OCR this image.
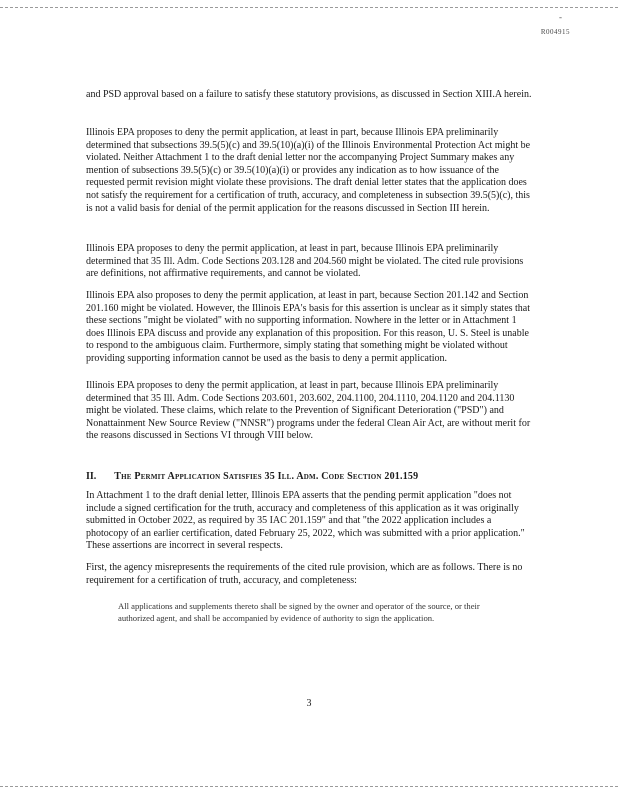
-
R004915

and PSD approval based on a failure to satisfy these statutory provisions, as discussed in Section XIII.A herein.

Illinois EPA proposes to deny the permit application, at least in part, because Illinois EPA preliminarily determined that subsections 39.5(5)(c) and 39.5(10)(a)(i) of the Illinois Environmental Protection Act might be violated. Neither Attachment 1 to the draft denial letter nor the accompanying Project Summary makes any mention of subsections 39.5(5)(c) or 39.5(10)(a)(i) or provides any indication as to how issuance of the requested permit revision might violate these provisions. The draft denial letter states that the application does not satisfy the requirement for a certification of truth, accuracy, and completeness in subsection 39.5(5)(c), this is not a valid basis for denial of the permit application for the reasons discussed in Section III herein.

Illinois EPA proposes to deny the permit application, at least in part, because Illinois EPA preliminarily determined that 35 Ill. Adm. Code Sections 203.128 and 204.560 might be violated. The cited rule provisions are definitions, not affirmative requirements, and cannot be violated.

Illinois EPA also proposes to deny the permit application, at least in part, because Section 201.142 and Section 201.160 might be violated. However, the Illinois EPA's basis for this assertion is unclear as it simply states that these sections "might be violated" with no supporting information. Nowhere in the letter or in Attachment 1 does Illinois EPA discuss and provide any explanation of this proposition. For this reason, U. S. Steel is unable to respond to the ambiguous claim. Furthermore, simply stating that something might be violated without providing supporting information cannot be used as the basis to deny a permit application.

Illinois EPA proposes to deny the permit application, at least in part, because Illinois EPA preliminarily determined that 35 Ill. Adm. Code Sections 203.601, 203.602, 204.1100, 204.1110, 204.1120 and 204.1130 might be violated. These claims, which relate to the Prevention of Significant Deterioration ("PSD") and Nonattainment New Source Review ("NNSR") programs under the federal Clean Air Act, are without merit for the reasons discussed in Sections VI through VIII below.

II. The Permit Application Satisfies 35 Ill. Adm. Code Section 201.159

In Attachment 1 to the draft denial letter, Illinois EPA asserts that the pending permit application "does not include a signed certification for the truth, accuracy and completeness of this application as it was originally submitted in October 2022, as required by 35 IAC 201.159" and that "the 2022 application includes a photocopy of an earlier certification, dated February 25, 2022, which was submitted with a prior application." These assertions are incorrect in several respects.

First, the agency misrepresents the requirements of the cited rule provision, which are as follows. There is no requirement for a certification of truth, accuracy, and completeness:

All applications and supplements thereto shall be signed by the owner and operator of the source, or their authorized agent, and shall be accompanied by evidence of authority to sign the application.
3
